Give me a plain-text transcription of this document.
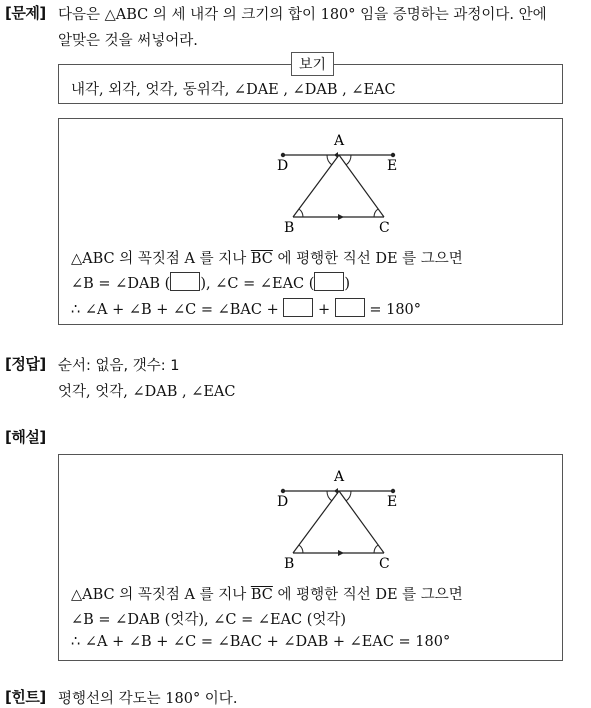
[문제] 다음은 △ABC 의 세 내각 의 크기의 합이 180° 임을 증명하는 과정이다. 안에
알맞은 것을 써넣어라.
보기
내각, 외각, 엇각, 동위각, ∠DAE , ∠DAB , ∠EAC
A
D	E
B	C
△ABC 의 꼭짓점 A 를 지나 $\overline{BC}$ 에 평행한 직선 DE 를 그으면
∠B = ∠DAB ( ), ∠C = ∠EAC ( )
∴ ∠A + ∠B + ∠C = ∠BAC +  +  = 180°
[정답] 순서: 없음, 갯수: 1
엇각, 엇각, ∠DAB , ∠EAC
[해설]
A
D	E
B	C
△ABC 의 꼭짓점 A 를 지나 $\overline{BC}$ 에 평행한 직선 DE 를 그으면
∠B = ∠DAB (엇각), ∠C = ∠EAC (엇각)
∴ ∠A + ∠B + ∠C = ∠BAC + ∠DAB + ∠EAC = 180°
[힌트] 평행선의 각도는 180° 이다.
